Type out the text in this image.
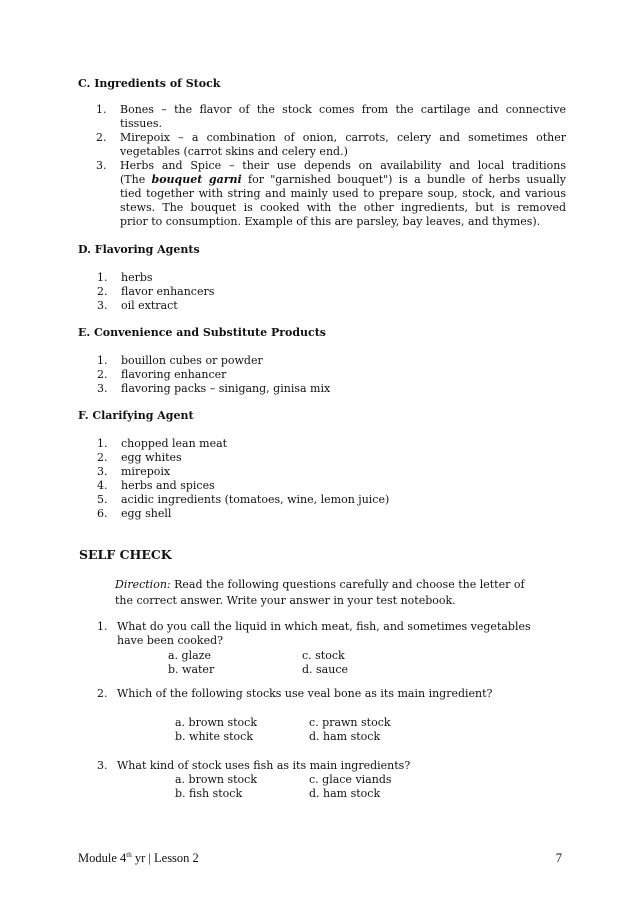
C. Ingredients of Stock
1. Bones – the flavor of the stock comes from the cartilage and connective
tissues.
2. Mirepoix – a combination of onion, carrots, celery and sometimes other
vegetables (carrot skins and celery end.)
3. Herbs and Spice – their use depends on availability and local traditions
(The bouquet garni for "garnished bouquet") is a bundle of herbs usually
tied together with string and mainly used to prepare soup, stock, and various
stews. The bouquet is cooked with the other ingredients, but is removed
prior to consumption. Example of this are parsley, bay leaves, and thymes).
D. Flavoring Agents
1. herbs
2. flavor enhancers
3. oil extract
E. Convenience and Substitute Products
1. bouillon cubes or powder
2. flavoring enhancer
3. flavoring packs – sinigang, ginisa mix
F. Clarifying Agent
1. chopped lean meat
2. egg whites
3. mirepoix
4. herbs and spices
5. acidic ingredients (tomatoes, wine, lemon juice)
6. egg shell
SELF CHECK
Direction: Read the following questions carefully and choose the letter of
the correct answer. Write your answer in your test notebook.
1. What do you call the liquid in which meat, fish, and sometimes vegetables
have been cooked?
a. glaze	c. stock
b. water	d. sauce
2. Which of the following stocks use veal bone as its main ingredient?
a. brown stock	c. prawn stock
b. white stock	d. ham stock
3. What kind of stock uses fish as its main ingredients?
a. brown stock	c. glace viands
b. fish stock	d. ham stock
Module 4th yr | Lesson 2	7
